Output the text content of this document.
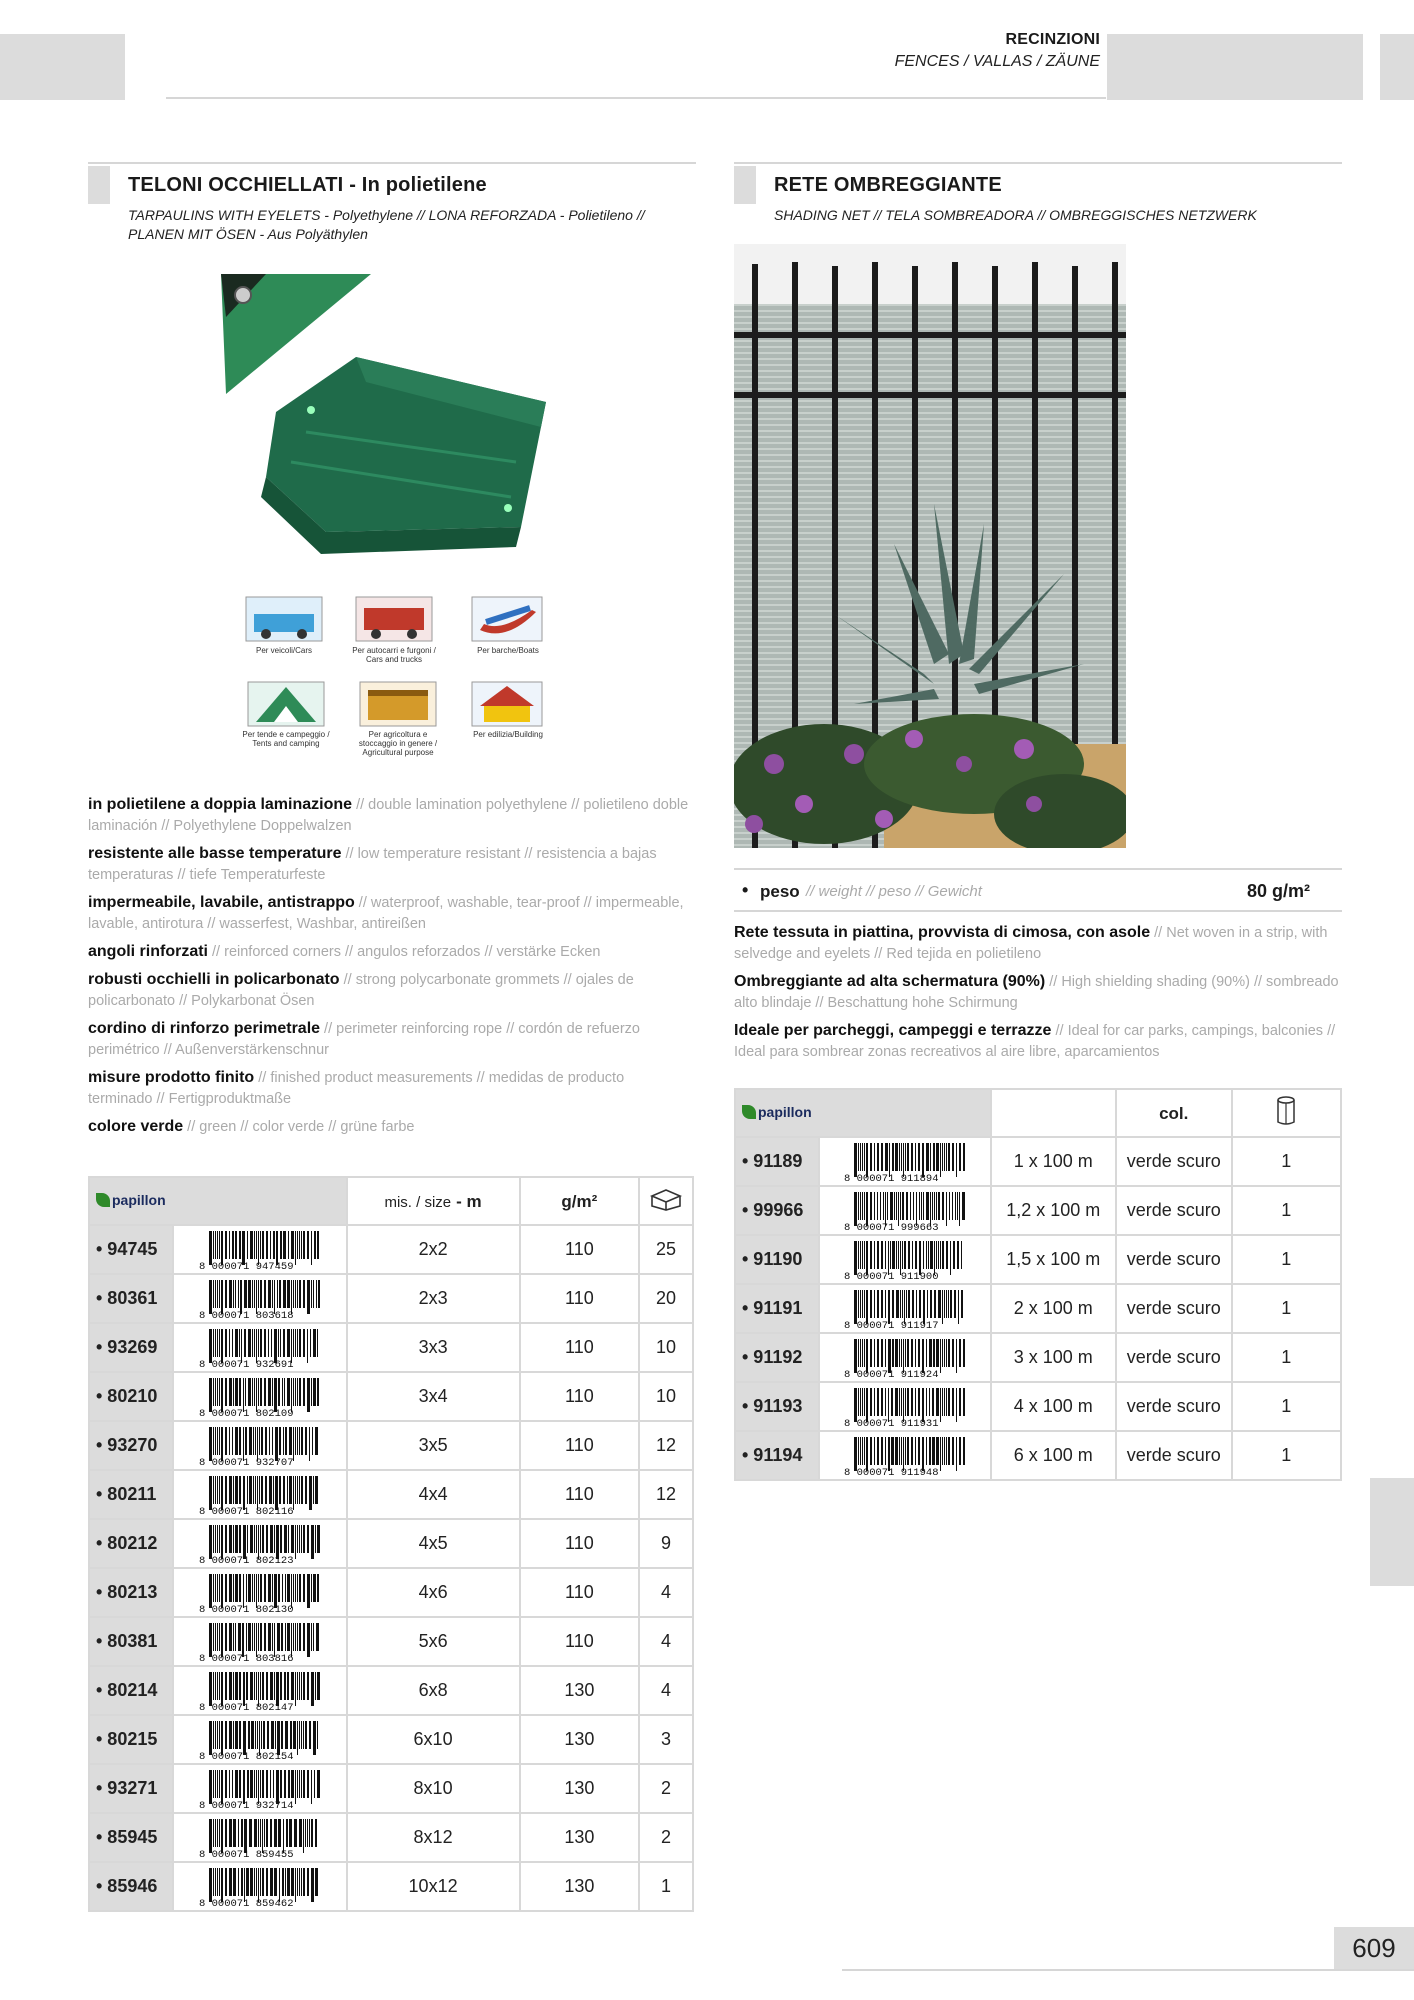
RECINZIONI
FENCES / VALLAS / ZÄUNE
TELONI OCCHIELLATI - In polietilene
TARPAULINS WITH EYELETS - Polyethylene // LONA REFORZADA - Polietileno // PLANEN MIT ÖSEN - Aus Polyäthylen
Per veicoli/Cars	Per autocarri e furgoni / Cars and trucks
Per barche/Boats
Per tende e campeggio / Tents and camping
Per agricoltura e stoccaggio in genere / Agricultural purpose
Per edilizia/Building

in polietilene a doppia laminazione // double lamination polyethylene // polietileno doble laminación // Polyethylene Doppelwalzen

resistente alle basse temperature // low temperature resistant // resistencia a bajas temperaturas // tiefe Temperaturfeste

impermeabile, lavabile, antistrappo // waterproof, washable, tear-proof // impermeable, lavable, antirotura // wasserfest, Washbar, antireißen

angoli rinforzati // reinforced corners // angulos reforzados // verstärke Ecken

robusti occhielli in policarbonato // strong polycarbonate grommets // ojales de policarbonato // Polykarbonat Ösen

cordino di rinforzo perimetrale // perimeter reinforcing rope // cordón de refuerzo perimétrico // Außenverstärkenschnur

misure prodotto finito // finished product measurements // medidas de producto terminado // Fertigproduktmaße

colore verde // green // color verde // grüne farbe

papillon		mis. / size - m	g/m²	
• 94745	8 000071 947459	2x2	110	25
• 80361	8 000071 803618	2x3	110	20
• 93269	8 000071 932691	3x3	110	10
• 80210	8 000071 802109	3x4	110	10
• 93270	8 000071 932707	3x5	110	12
• 80211	8 000071 802116	4x4	110	12
• 80212	8 000071 802123	4x5	110	9
• 80213	8 000071 802130	4x6	110	4
• 80381	8 000071 803816	5x6	110	4
• 80214	8 000071 802147	6x8	130	4
• 80215	8 000071 802154	6x10	130	3
• 93271	8 000071 932714	8x10	130	2
• 85945	8 000071 859455	8x12	130	2
• 85946	8 000071 859462	10x12	130	1
RETE OMBREGGIANTE
SHADING NET // TELA SOMBREADORA // OMBREGGISCHES NETZWERK
• peso // weight // peso // Gewicht	80 g/m²

Rete tessuta in piattina, provvista di cimosa, con asole // Net woven in a strip, with selvedge and eyelets // Red tejida en polietileno

Ombreggiante ad alta schermatura (90%) // High shielding shading (90%) // sombreado alto blindaje // Beschattung hohe Schirmung

Ideale per parcheggi, campeggi e terrazze // Ideal for car parks, campings, balconies // Ideal para sombrear zonas recreativos al aire libre, aparcamientos

papillon			col.	
• 91189	8 000071 911894	1 x 100 m	verde scuro	1
• 99966	8 000071 999663	1,2 x 100 m	verde scuro	1
• 91190	8 000071 911900	1,5 x 100 m	verde scuro	1
• 91191	8 000071 911917	2 x 100 m	verde scuro	1
• 91192	8 000071 911924	3 x 100 m	verde scuro	1
• 91193	8 000071 911931	4 x 100 m	verde scuro	1
• 91194	8 000071 911948	6 x 100 m	verde scuro	1
609
